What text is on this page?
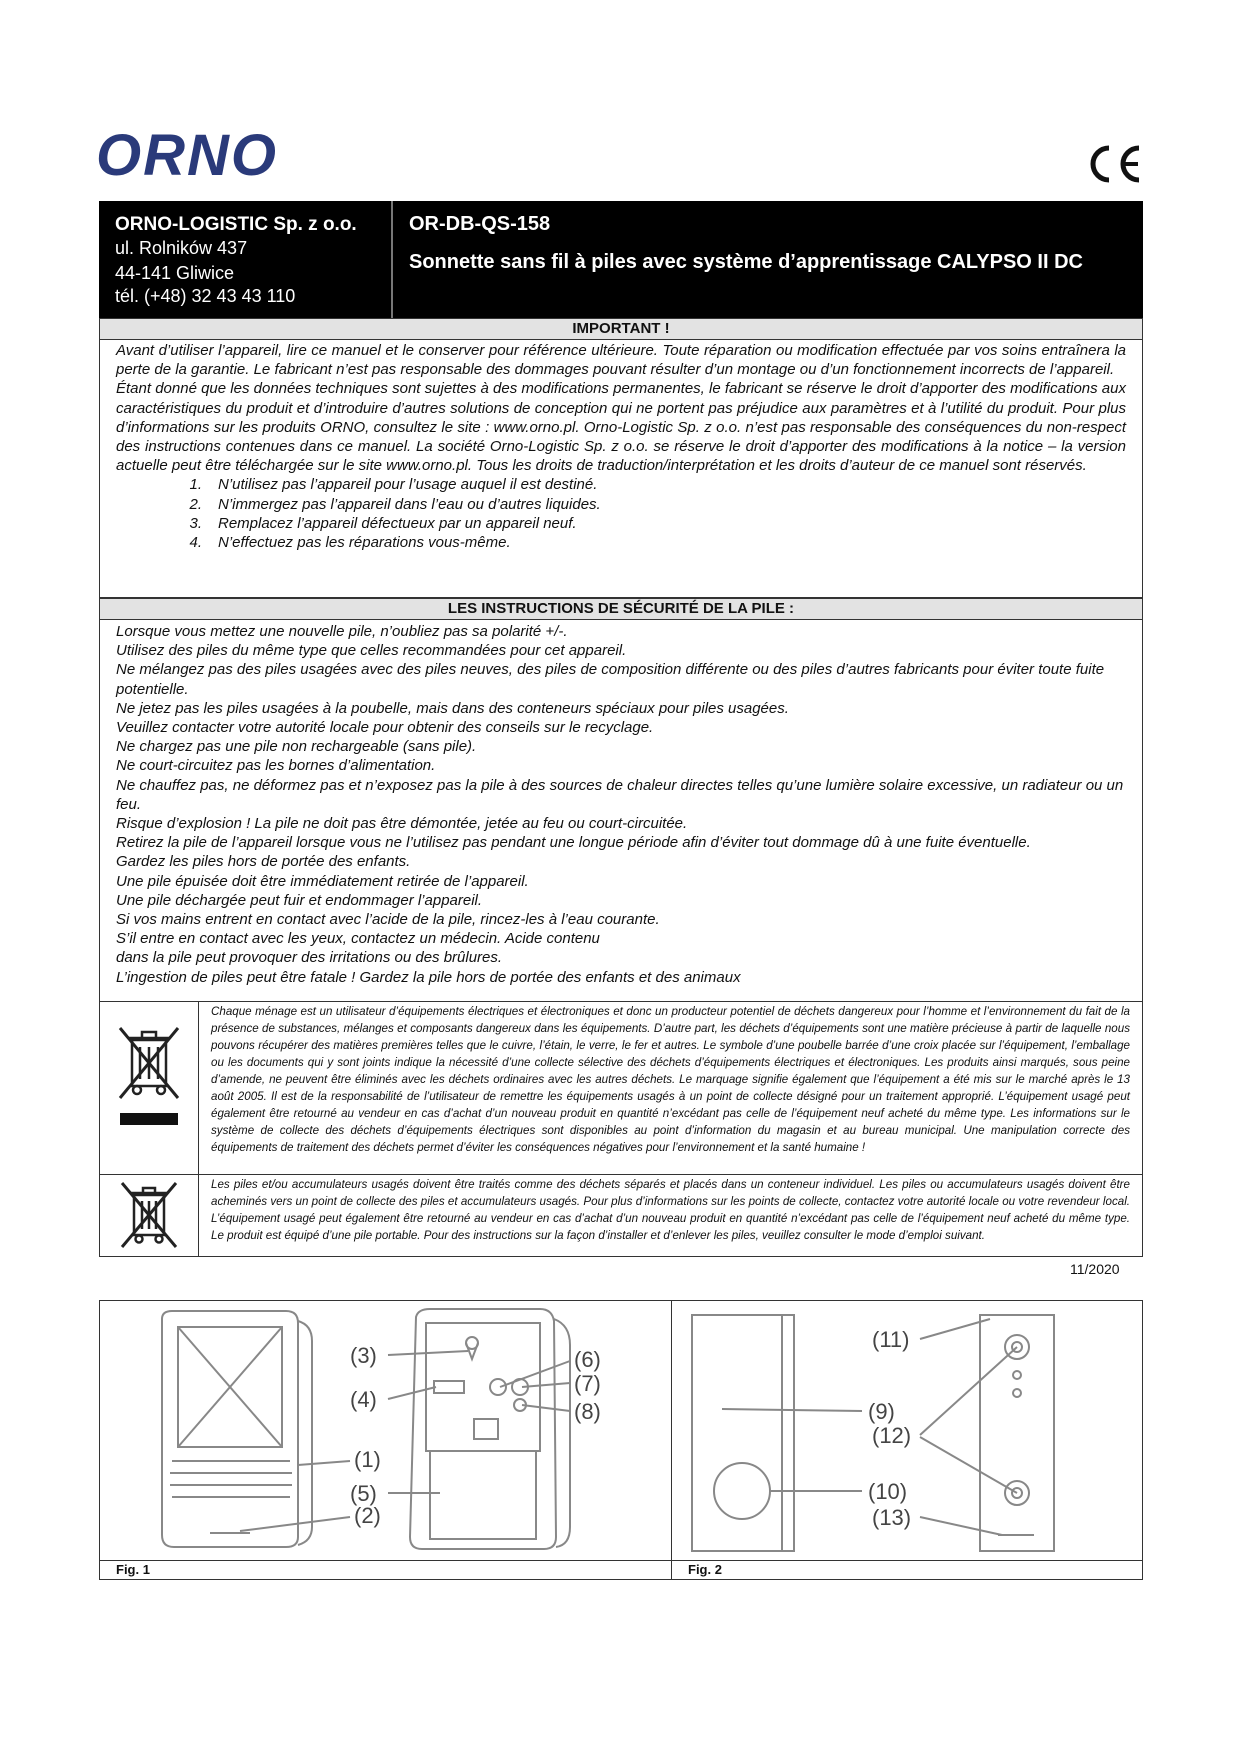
ORNO
ORNO-LOGISTIC Sp. z o.o.
ul. Rolników 437
44-141 Gliwice
tél. (+48) 32 43 43 110
OR-DB-QS-158
Sonnette sans fil à piles avec système d’apprentissage CALYPSO II DC
IMPORTANT !

Avant d’utiliser l’appareil, lire ce manuel et le conserver pour référence ultérieure. Toute réparation ou modification effectuée par vos soins entraînera la perte de la garantie. Le fabricant n’est pas responsable des dommages pouvant résulter d’un montage ou d’un fonctionnement incorrects de l’appareil.

Étant donné que les données techniques sont sujettes à des modifications permanentes, le fabricant se réserve le droit d’apporter des modifications aux caractéristiques du produit et d’introduire d’autres solutions de conception qui ne portent pas préjudice aux paramètres et à l’utilité du produit. Pour plus d’informations sur les produits ORNO, consultez le site : www.orno.pl. Orno-Logistic Sp. z o.o. n’est pas responsable des conséquences du non-respect des instructions contenues dans ce manuel. La société Orno-Logistic Sp. z o.o. se réserve le droit d’apporter des modifications à la notice – la version actuelle peut être téléchargée sur le site www.orno.pl. Tous les droits de traduction/interprétation et les droits d’auteur de ce manuel sont réservés.

1.	N’utilisez pas l’appareil pour l’usage auquel il est destiné.
2.	N’immergez pas l’appareil dans l’eau ou d’autres liquides.
3.	Remplacez l’appareil défectueux par un appareil neuf.
4.	N’effectuez pas les réparations vous-même.
LES INSTRUCTIONS DE SÉCURITÉ DE LA PILE :

Lorsque vous mettez une nouvelle pile, n’oubliez pas sa polarité +/-.

Utilisez des piles du même type que celles recommandées pour cet appareil.

Ne mélangez pas des piles usagées avec des piles neuves, des piles de composition différente ou des piles d’autres fabricants pour éviter toute fuite potentielle.

Ne jetez pas les piles usagées à la poubelle, mais dans des conteneurs spéciaux pour piles usagées.

Veuillez contacter votre autorité locale pour obtenir des conseils sur le recyclage.

Ne chargez pas une pile non rechargeable (sans pile).

Ne court-circuitez pas les bornes d’alimentation.

Ne chauffez pas, ne déformez pas et n’exposez pas la pile à des sources de chaleur directes telles qu’une lumière solaire excessive, un radiateur ou un feu.

Risque d’explosion ! La pile ne doit pas être démontée, jetée au feu ou court-circuitée.

Retirez la pile de l’appareil lorsque vous ne l’utilisez pas pendant une longue période afin d’éviter tout dommage dû à une fuite éventuelle.

Gardez les piles hors de portée des enfants.

Une pile épuisée doit être immédiatement retirée de l’appareil.

Une pile déchargée peut fuir et endommager l’appareil.

Si vos mains entrent en contact avec l’acide de la pile, rincez-les à l’eau courante.

S’il entre en contact avec les yeux, contactez un médecin. Acide contenu

dans la pile peut provoquer des irritations ou des brûlures.

L’ingestion de piles peut être fatale ! Gardez la pile hors de portée des enfants et des animaux

Chaque ménage est un utilisateur d’équipements électriques et électroniques et donc un producteur potentiel de déchets dangereux pour l’homme et l’environnement du fait de la présence de substances, mélanges et composants dangereux dans les équipements. D’autre part, les déchets d’équipements sont une matière précieuse à partir de laquelle nous pouvons récupérer des matières premières telles que le cuivre, l’étain, le verre, le fer et autres. Le symbole d’une poubelle barrée d’une croix placée sur l’équipement, l’emballage ou les documents qui y sont joints indique la nécessité d’une collecte sélective des déchets d’équipements électriques et électroniques. Les produits ainsi marqués, sous peine d’amende, ne peuvent être éliminés avec les déchets ordinaires avec les autres déchets. Le marquage signifie également que l’équipement a été mis sur le marché après le 13 août 2005. Il est de la responsabilité de l’utilisateur de remettre les équipements usagés à un point de collecte désigné pour un traitement approprié. L’équipement usagé peut également être retourné au vendeur en cas d’achat d’un nouveau produit en quantité n’excédant pas celle de l’équipement neuf acheté du même type. Les informations sur le système de collecte des déchets d’équipements électriques sont disponibles au point d’information du magasin et au bureau municipal. Une manipulation correcte des équipements de traitement des déchets permet d’éviter les conséquences négatives pour l’environnement et la santé humaine !
Les piles et/ou accumulateurs usagés doivent être traités comme des déchets séparés et placés dans un conteneur individuel. Les piles ou accumulateurs usagés doivent être acheminés vers un point de collecte des piles et accumulateurs usagés. Pour plus d’informations sur les points de collecte, contactez votre autorité locale ou votre revendeur local. L’équipement usagé peut également être retourné au vendeur en cas d’achat d’un nouveau produit en quantité n’excédant pas celle de l’équipement neuf acheté du même type. Le produit est équipé d’une pile portable. Pour des instructions sur la façon d’installer et d’enlever les piles, veuillez consulter le mode d’emploi suivant.
11/2020
(1)
(2)
(3)
(4)
(5)
(6)
(7)
(8)
Fig. 1
(9)
(10)
(11)
(12)
(13)
Fig. 2
